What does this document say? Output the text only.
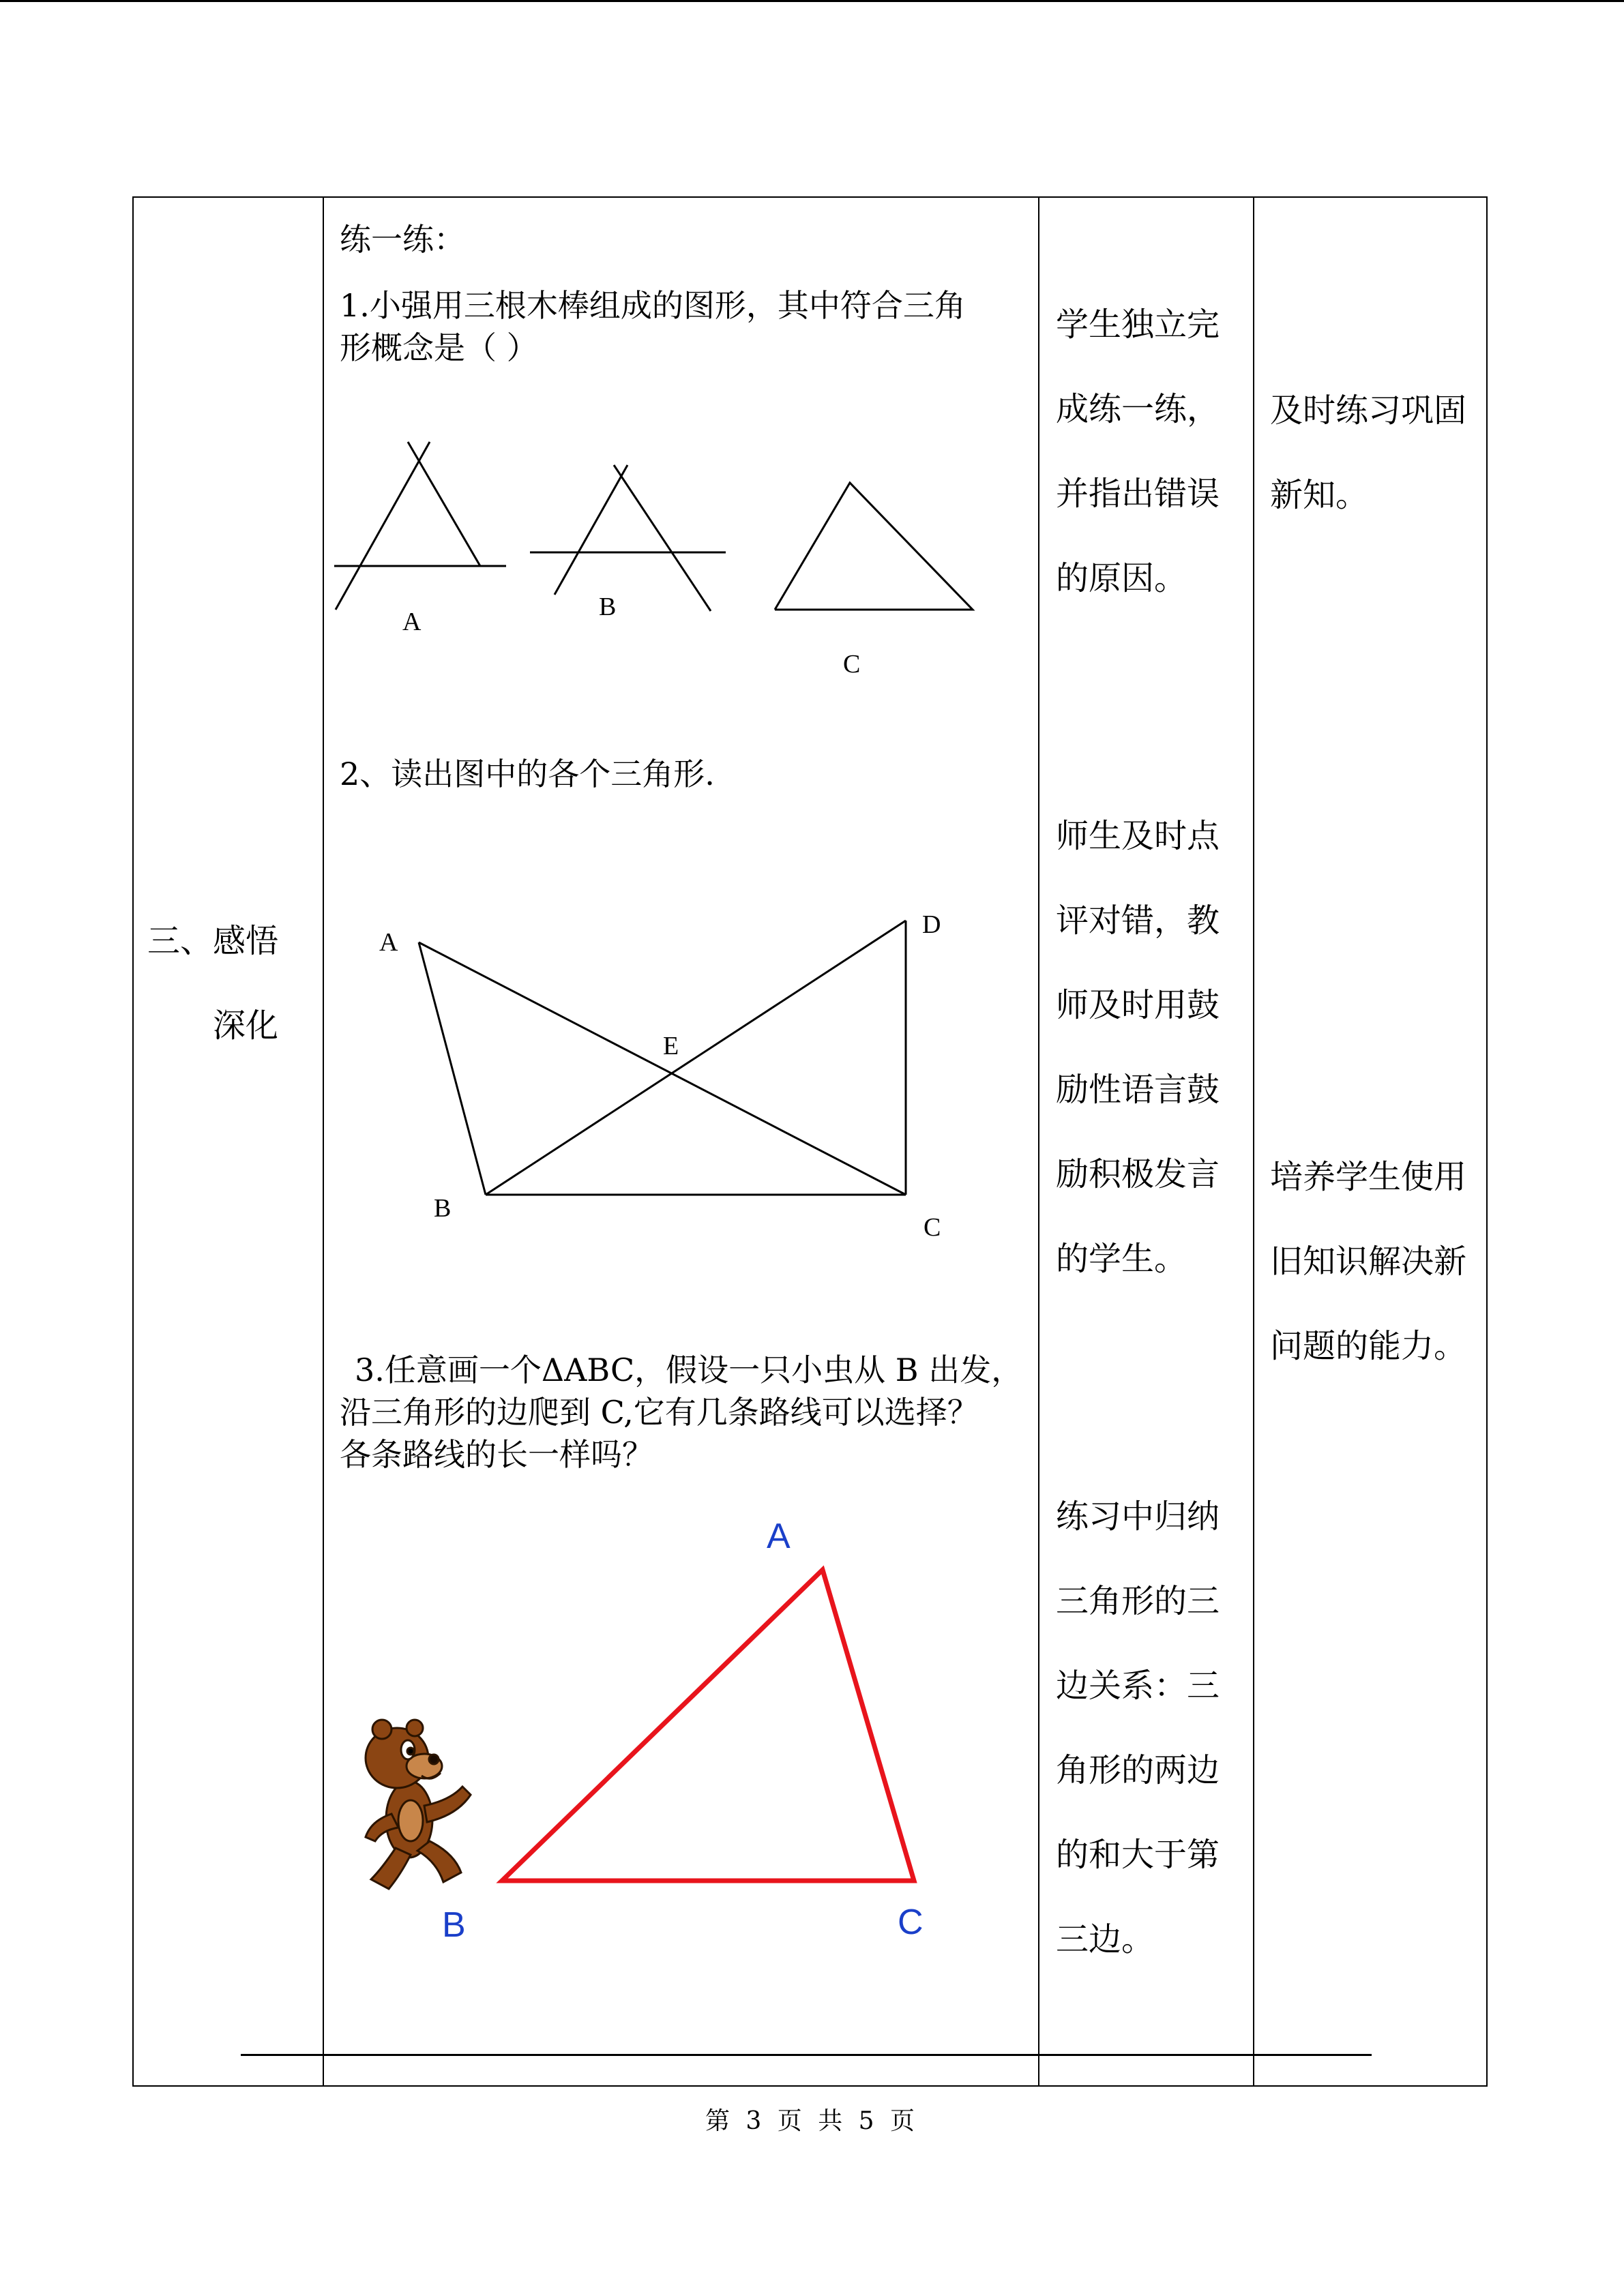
三、感悟
深化
练一练：
1.小强用三根木棒组成的图形，其中符合三角
形概念是（ ）
A
B
C
2、读出图中的各个三角形.
A
D
E
B
C
3.任意画一个ΔABC，假设一只小虫从 B 出发，
沿三角形的边爬到 C,它有几条路线可以选择？
各条路线的长一样吗？
A
B	C
学生独立完
成练一练，
并指出错误
的原因。
师生及时点
评对错，教
师及时用鼓
励性语言鼓
励积极发言
的学生。
练习中归纳
三角形的三
边关系：三
角形的两边
的和大于第
三边。
及时练习巩固
新知。
培养学生使用
旧知识解决新
问题的能力。
第 3 页 共 5 页
